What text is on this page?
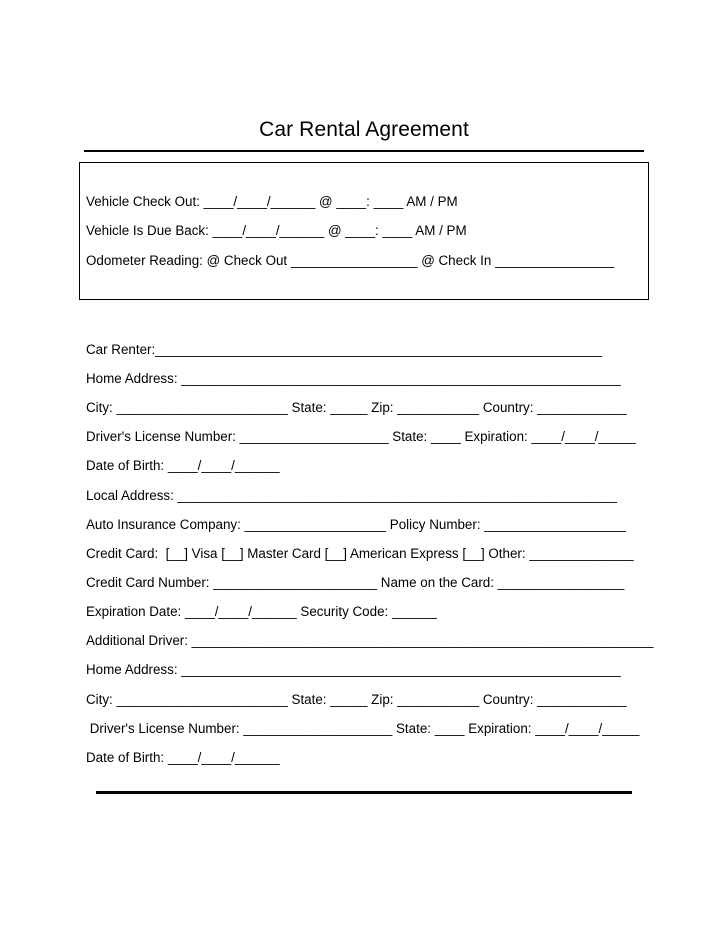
Car Rental Agreement
Vehicle Check Out: ____/____/______ @ ____: ____ AM / PM
Vehicle Is Due Back: ____/____/______ @ ____: ____ AM / PM
Odometer Reading: @ Check Out _________________ @ Check In ________________
Car Renter:____________________________________________________________
Home Address: ___________________________________________________________
City: _______________________ State: _____ Zip: ___________ Country: ____________
Driver's License Number: ____________________ State: ____ Expiration: ____/____/_____
Date of Birth: ____/____/______
Local Address: ___________________________________________________________
Auto Insurance Company: ___________________ Policy Number: ___________________
Credit Card:  [__] Visa [__] Master Card [__] American Express [__] Other: ______________
Credit Card Number: ______________________ Name on the Card: _________________
Expiration Date: ____/____/______ Security Code: ______
Additional Driver: ______________________________________________________________
Home Address: ___________________________________________________________
City: _______________________ State: _____ Zip: ___________ Country: ____________
Driver's License Number: ____________________ State: ____ Expiration: ____/____/_____
Date of Birth: ____/____/______
